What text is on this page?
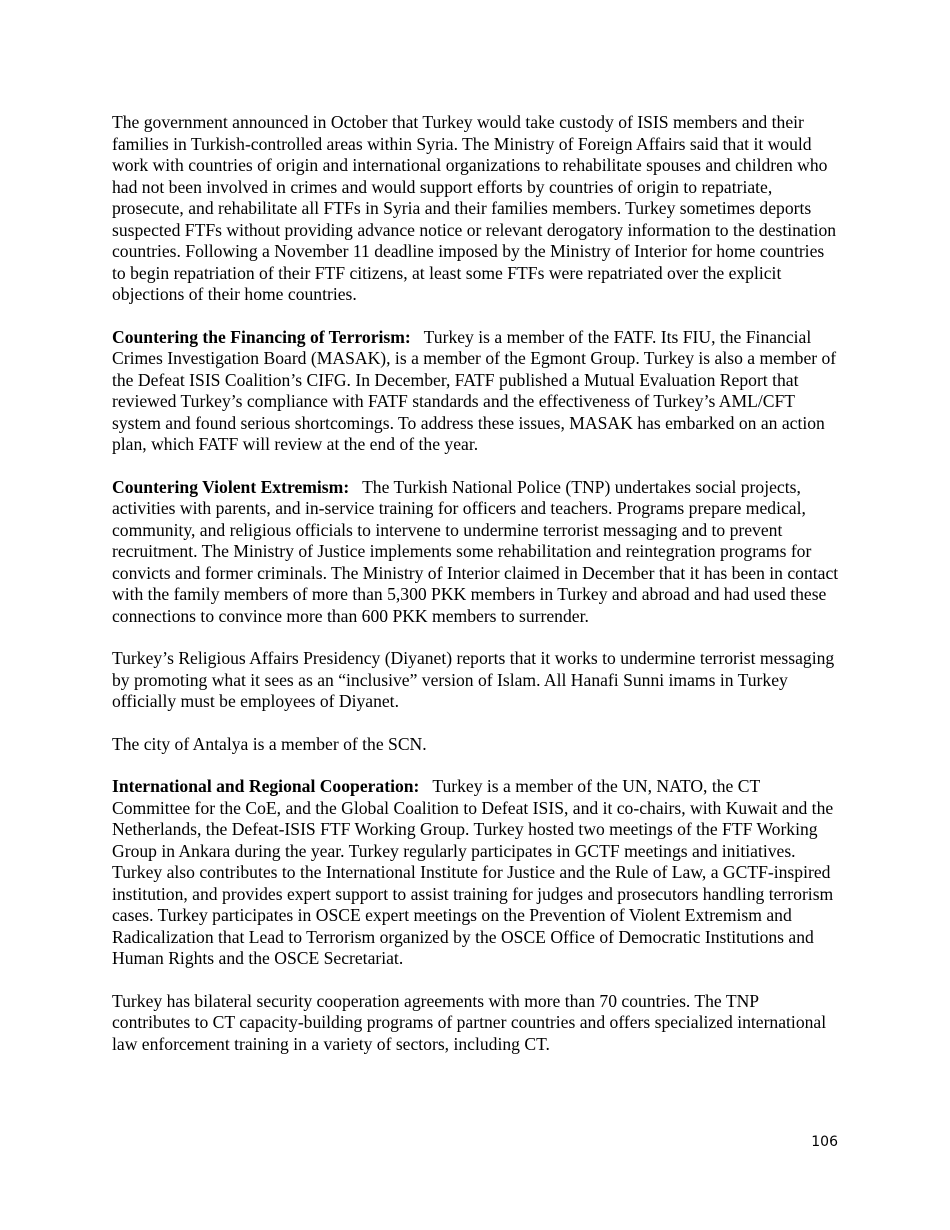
The government announced in October that Turkey would take custody of ISIS members and their families in Turkish-controlled areas within Syria. The Ministry of Foreign Affairs said that it would work with countries of origin and international organizations to rehabilitate spouses and children who had not been involved in crimes and would support efforts by countries of origin to repatriate, prosecute, and rehabilitate all FTFs in Syria and their families members. Turkey sometimes deports suspected FTFs without providing advance notice or relevant derogatory information to the destination countries. Following a November 11 deadline imposed by the Ministry of Interior for home countries to begin repatriation of their FTF citizens, at least some FTFs were repatriated over the explicit objections of their home countries.

Countering the Financing of Terrorism:   Turkey is a member of the FATF. Its FIU, the Financial Crimes Investigation Board (MASAK), is a member of the Egmont Group. Turkey is also a member of the Defeat ISIS Coalition’s CIFG. In December, FATF published a Mutual Evaluation Report that reviewed Turkey’s compliance with FATF standards and the effectiveness of Turkey’s AML/CFT system and found serious shortcomings. To address these issues, MASAK has embarked on an action plan, which FATF will review at the end of the year.

Countering Violent Extremism:   The Turkish National Police (TNP) undertakes social projects, activities with parents, and in-service training for officers and teachers. Programs prepare medical, community, and religious officials to intervene to undermine terrorist messaging and to prevent recruitment. The Ministry of Justice implements some rehabilitation and reintegration programs for convicts and former criminals. The Ministry of Interior claimed in December that it has been in contact with the family members of more than 5,300 PKK members in Turkey and abroad and had used these connections to convince more than 600 PKK members to surrender.

Turkey’s Religious Affairs Presidency (Diyanet) reports that it works to undermine terrorist messaging by promoting what it sees as an “inclusive” version of Islam. All Hanafi Sunni imams in Turkey officially must be employees of Diyanet.

The city of Antalya is a member of the SCN.

International and Regional Cooperation:   Turkey is a member of the UN, NATO, the CT Committee for the CoE, and the Global Coalition to Defeat ISIS, and it co-chairs, with Kuwait and the Netherlands, the Defeat-ISIS FTF Working Group. Turkey hosted two meetings of the FTF Working Group in Ankara during the year. Turkey regularly participates in GCTF meetings and initiatives. Turkey also contributes to the International Institute for Justice and the Rule of Law, a GCTF-inspired institution, and provides expert support to assist training for judges and prosecutors handling terrorism cases. Turkey participates in OSCE expert meetings on the Prevention of Violent Extremism and Radicalization that Lead to Terrorism organized by the OSCE Office of Democratic Institutions and Human Rights and the OSCE Secretariat.

Turkey has bilateral security cooperation agreements with more than 70 countries. The TNP contributes to CT capacity-building programs of partner countries and offers specialized international law enforcement training in a variety of sectors, including CT.

106
